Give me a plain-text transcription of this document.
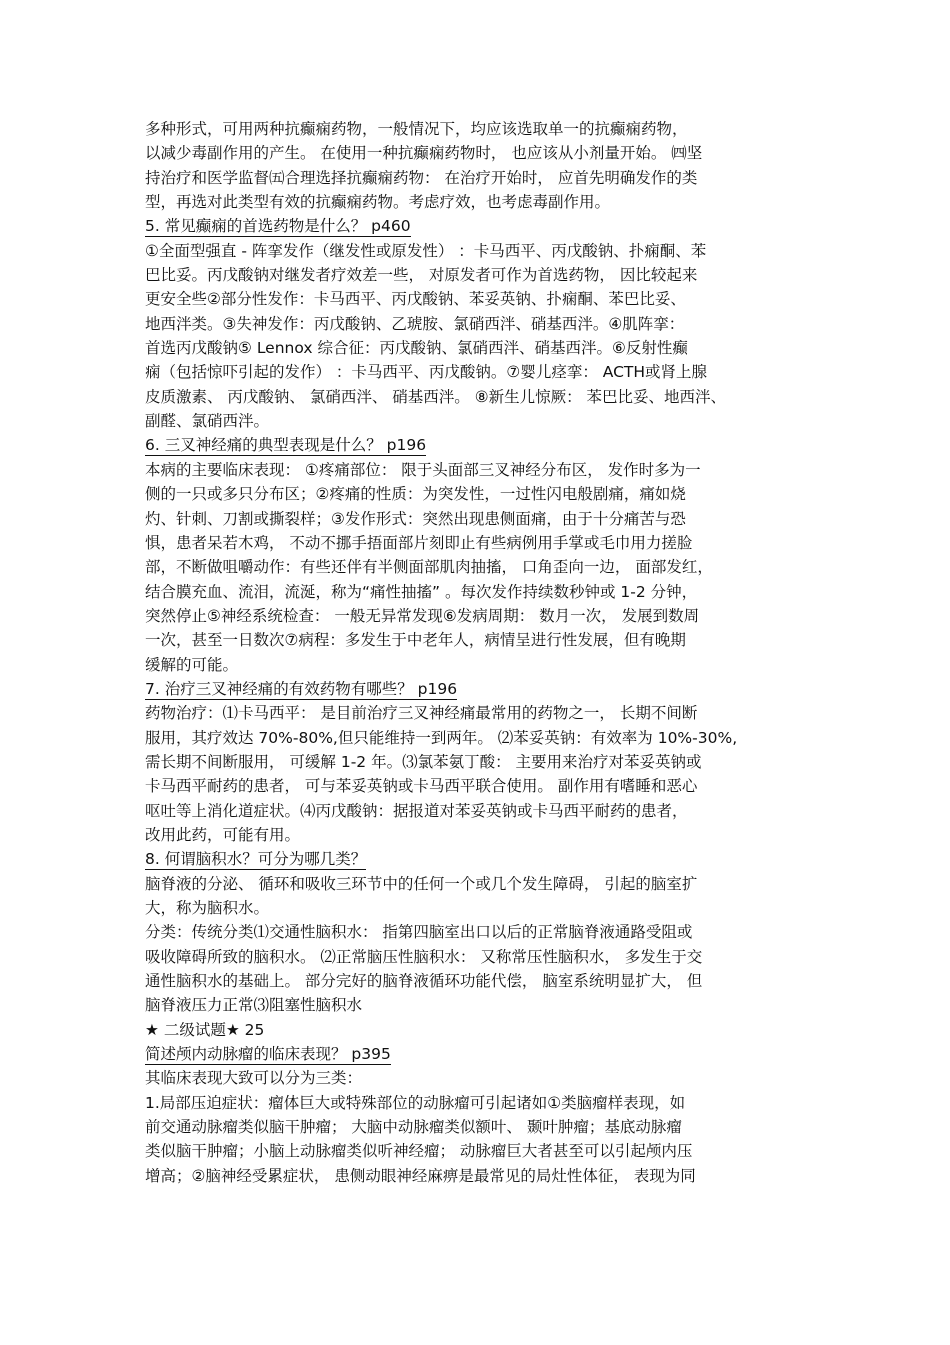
多种形式，可用两种抗癫痫药物，一般情况下，均应该选取单一的抗癫痫药物，
以减少毒副作用的产生。 在使用一种抗癫痫药物时， 也应该从小剂量开始。 ㈣坚
持治疗和医学监督㈤合理选择抗癫痫药物： 在治疗开始时， 应首先明确发作的类
型，再选对此类型有效的抗癫痫药物。考虑疗效，也考虑毒副作用。
5. 常见癫痫的首选药物是什么？ p460
①全面型强直 - 阵挛发作（继发性或原发性） ：卡马西平、丙戊酸钠、扑痫酮、苯
巴比妥。丙戊酸钠对继发者疗效差一些， 对原发者可作为首选药物， 因比较起来
更安全些②部分性发作：卡马西平、丙戊酸钠、苯妥英钠、扑痫酮、苯巴比妥、
地西泮类。③失神发作：丙戊酸钠、乙琥胺、氯硝西泮、硝基西泮。④肌阵挛：
首选丙戊酸钠⑤ Lennox 综合征：丙戊酸钠、氯硝西泮、硝基西泮。⑥反射性癫
痫（包括惊吓引起的发作） ：卡马西平、丙戊酸钠。⑦婴儿痉挛： ACTH或肾上腺
皮质激素、 丙戊酸钠、 氯硝西泮、 硝基西泮。 ⑧新生儿惊厥： 苯巴比妥、地西泮、
副醛、氯硝西泮。
6. 三叉神经痛的典型表现是什么？ p196
本病的主要临床表现： ①疼痛部位： 限于头面部三叉神经分布区， 发作时多为一
侧的一只或多只分布区；②疼痛的性质：为突发性，一过性闪电般剧痛，痛如烧
灼、针刺、刀割或撕裂样；③发作形式：突然出现患侧面痛，由于十分痛苦与恐
惧，患者呆若木鸡， 不动不挪手捂面部片刻即止有些病例用手掌或毛巾用力搓脸
部，不断做咀嚼动作：有些还伴有半侧面部肌肉抽搐， 口角歪向一边， 面部发红，
结合膜充血、流泪，流涎，称为“痛性抽搐” 。每次发作持续数秒钟或 1-2 分钟，
突然停止⑤神经系统检查： 一般无异常发现⑥发病周期： 数月一次， 发展到数周
一次，甚至一日数次⑦病程：多发生于中老年人，病情呈进行性发展，但有晚期
缓解的可能。
7. 治疗三叉神经痛的有效药物有哪些？ p196
药物治疗：⑴卡马西平： 是目前治疗三叉神经痛最常用的药物之一， 长期不间断
服用，其疗效达 70%-80%,但只能维持一到两年。 ⑵苯妥英钠：有效率为 10%-30%,
需长期不间断服用， 可缓解 1-2 年。⑶氯苯氨丁酸： 主要用来治疗对苯妥英钠或
卡马西平耐药的患者， 可与苯妥英钠或卡马西平联合使用。 副作用有嗜睡和恶心
呕吐等上消化道症状。⑷丙戊酸钠：据报道对苯妥英钠或卡马西平耐药的患者，
改用此药，可能有用。
8. 何谓脑积水？可分为哪几类？
脑脊液的分泌、 循环和吸收三环节中的任何一个或几个发生障碍， 引起的脑室扩
大，称为脑积水。
分类：传统分类⑴交通性脑积水： 指第四脑室出口以后的正常脑脊液通路受阻或
吸收障碍所致的脑积水。 ⑵正常脑压性脑积水： 又称常压性脑积水， 多发生于交
通性脑积水的基础上。 部分完好的脑脊液循环功能代偿， 脑室系统明显扩大， 但
脑脊液压力正常⑶阻塞性脑积水
★ 二级试题★ 25
简述颅内动脉瘤的临床表现？ p395
其临床表现大致可以分为三类：
1.局部压迫症状：瘤体巨大或特殊部位的动脉瘤可引起诸如①类脑瘤样表现，如
前交通动脉瘤类似脑干肿瘤； 大脑中动脉瘤类似额叶、 颞叶肿瘤；基底动脉瘤
类似脑干肿瘤；小脑上动脉瘤类似听神经瘤； 动脉瘤巨大者甚至可以引起颅内压
增高；②脑神经受累症状， 患侧动眼神经麻痹是最常见的局灶性体征， 表现为同
